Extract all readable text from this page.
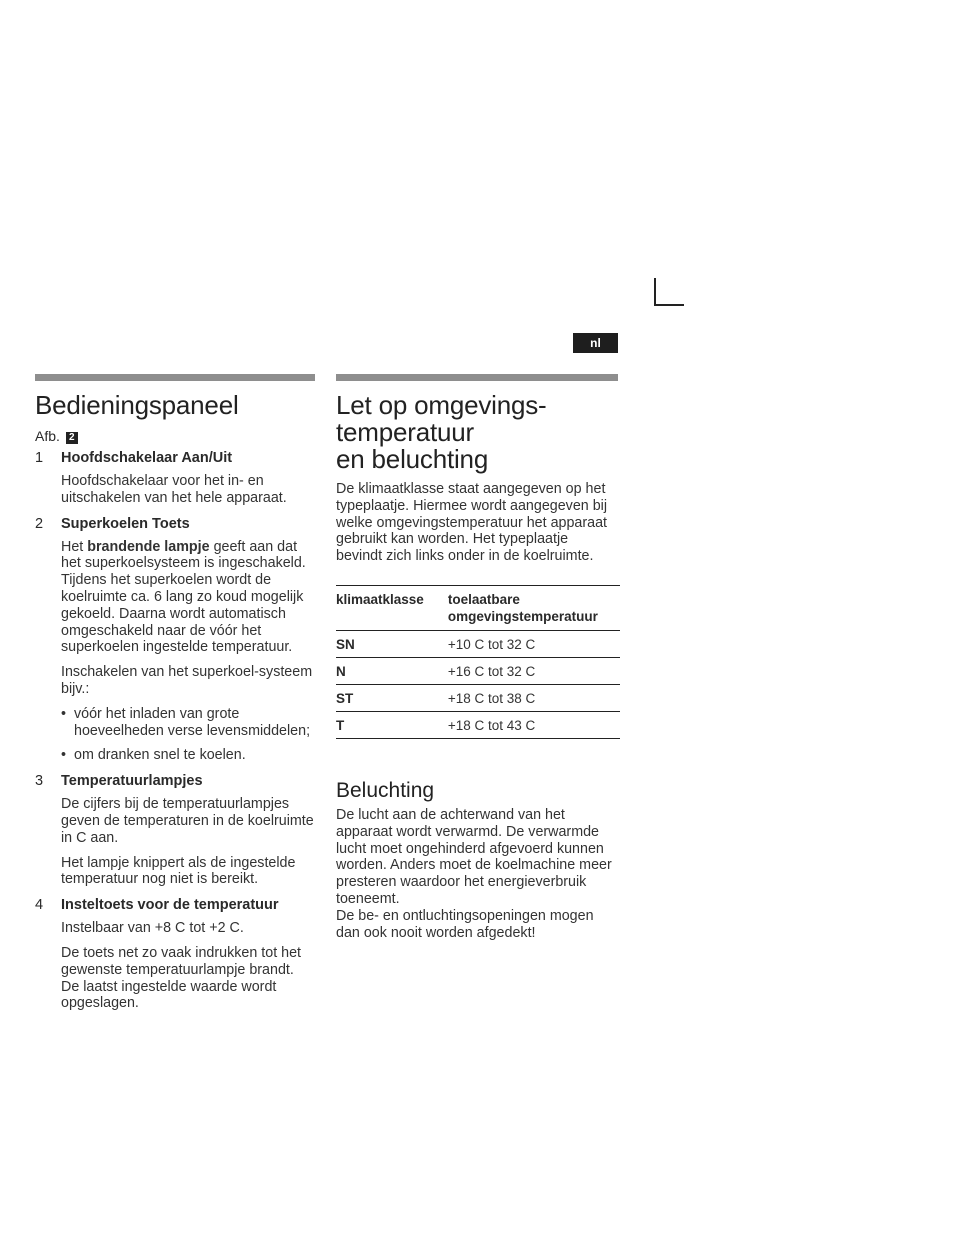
nl
Bedieningspaneel
Afb. 2
1	Hoofdschakelaar Aan/Uit

Hoofdschakelaar voor het in- en uitschakelen van het hele apparaat.

2	Superkoelen Toets

Het brandende lampje geeft aan dat het superkoelsysteem is ingeschakeld. Tijdens het superkoelen wordt de koelruimte ca. 6 lang zo koud mogelijk gekoeld. Daarna wordt automatisch omgeschakeld naar de vóór het superkoelen ingestelde temperatuur.

Inschakelen van het superkoel-systeem bijv.:

• vóór het inladen van grote hoeveelheden verse levensmiddelen;
• om dranken snel te koelen.
3	Temperatuurlampjes

De cijfers bij de temperatuurlampjes geven de temperaturen in de koelruimte in C aan.

Het lampje knippert als de ingestelde temperatuur nog niet is bereikt.

4	Insteltoets voor de temperatuur

Instelbaar van +8 C tot +2 C.

De toets net zo vaak indrukken tot het gewenste temperatuurlampje brandt. De laatst ingestelde waarde wordt opgeslagen.

Let op omgevings-
temperatuur
en beluchting

De klimaatklasse staat aangegeven op het typeplaatje. Hiermee wordt aangegeven bij welke omgevingstemperatuur het apparaat gebruikt kan worden. Het typeplaatje bevindt zich links onder in de koelruimte.

klimaatklasse	toelaatbare
omgevingstemperatuur
SN	+10 C tot 32 C
N	+16 C tot 32 C
ST	+18 C tot 38 C
T	+18 C tot 43 C
Beluchting

De lucht aan de achterwand van het apparaat wordt verwarmd. De verwarmde lucht moet ongehinderd afgevoerd kunnen worden. Anders moet de koelmachine meer presteren waardoor het energieverbruik toeneemt.

De be- en ontluchtingsopeningen mogen dan ook nooit worden afgedekt!
